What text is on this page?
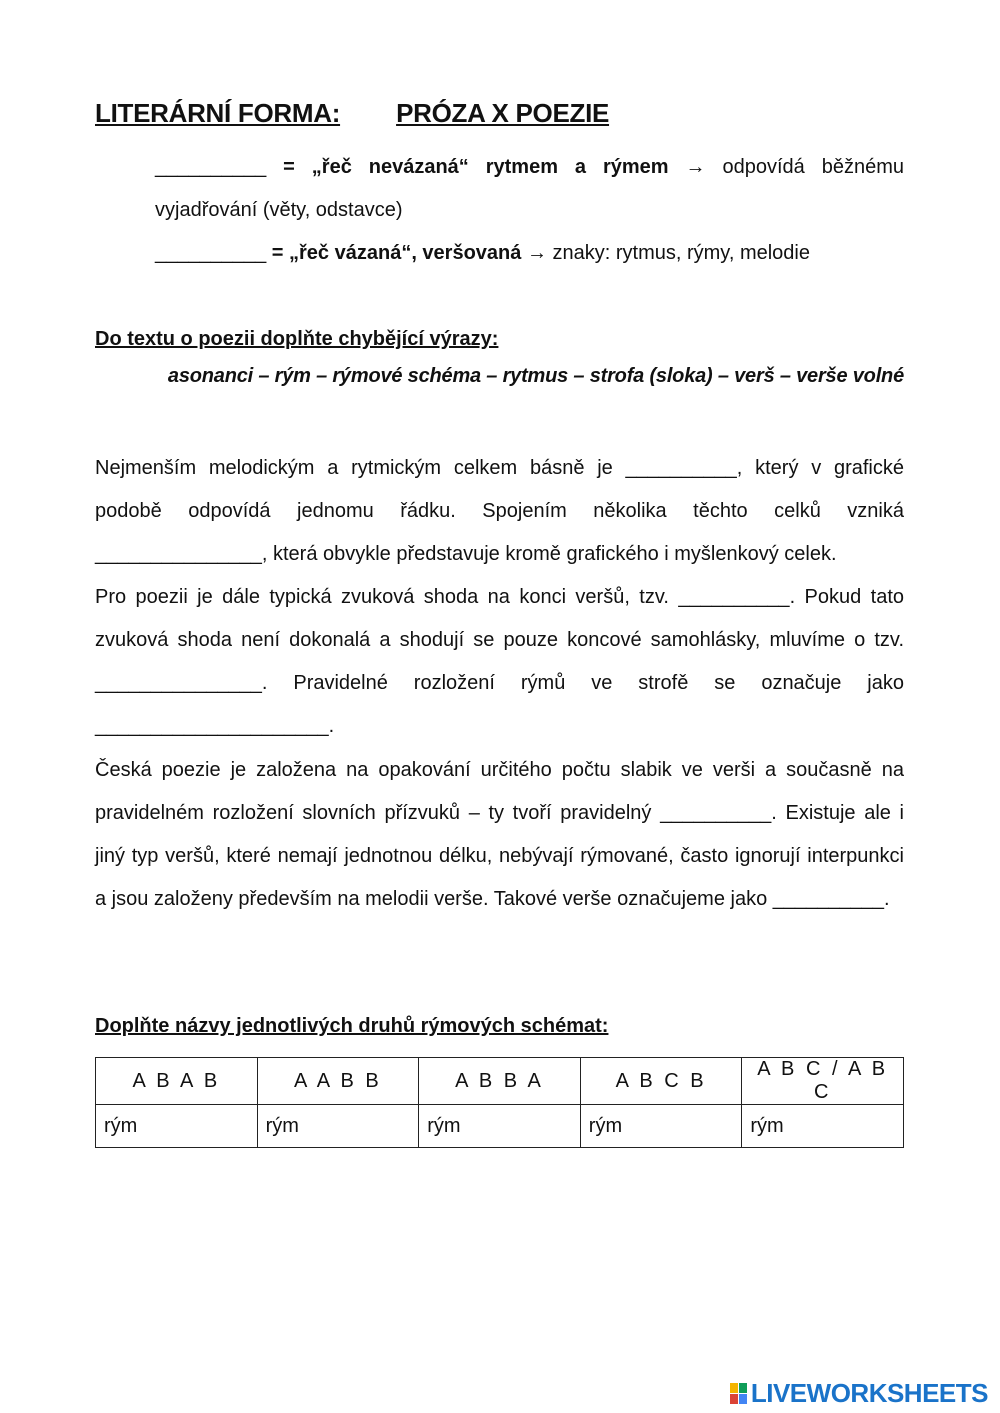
LITERÁRNÍ FORMA: PRÓZA X POEZIE

__________ = „řeč nevázaná“ rytmem a rýmem → odpovídá běžnému vyjadřování (věty, odstavce)

__________ = „řeč vázaná“, veršovaná → znaky: rytmus, rýmy, melodie

Do textu o poezii doplňte chybějící výrazy:

asonanci – rým – rýmové schéma – rytmus – strofa (sloka) – verš – verše volné

Nejmenším melodickým a rytmickým celkem básně je __________, který v grafické podobě odpovídá jednomu řádku. Spojením několika těchto celků vzniká _______________, která obvykle představuje kromě grafického i myšlenkový celek.

Pro poezii je dále typická zvuková shoda na konci veršů, tzv. __________. Pokud tato zvuková shoda není dokonalá a shodují se pouze koncové samohlásky, mluvíme o tzv. _______________. Pravidelné rozložení rýmů ve strofě se označuje jako _____________________.

Česká poezie je založena na opakování určitého počtu slabik ve verši a současně na pravidelném rozložení slovních přízvuků – ty tvoří pravidelný __________. Existuje ale i jiný typ veršů, které nemají jednotnou délku, nebývají rýmované, často ignorují interpunkci a jsou založeny především na melodii verše. Takové verše označujeme jako __________.

Doplňte názvy jednotlivých druhů rýmových schémat:
A B A B	A A B B	A B B A	A B C B	A B C / A B C
rým	rým	rým	rým	rým
LIVEWORKSHEETS
